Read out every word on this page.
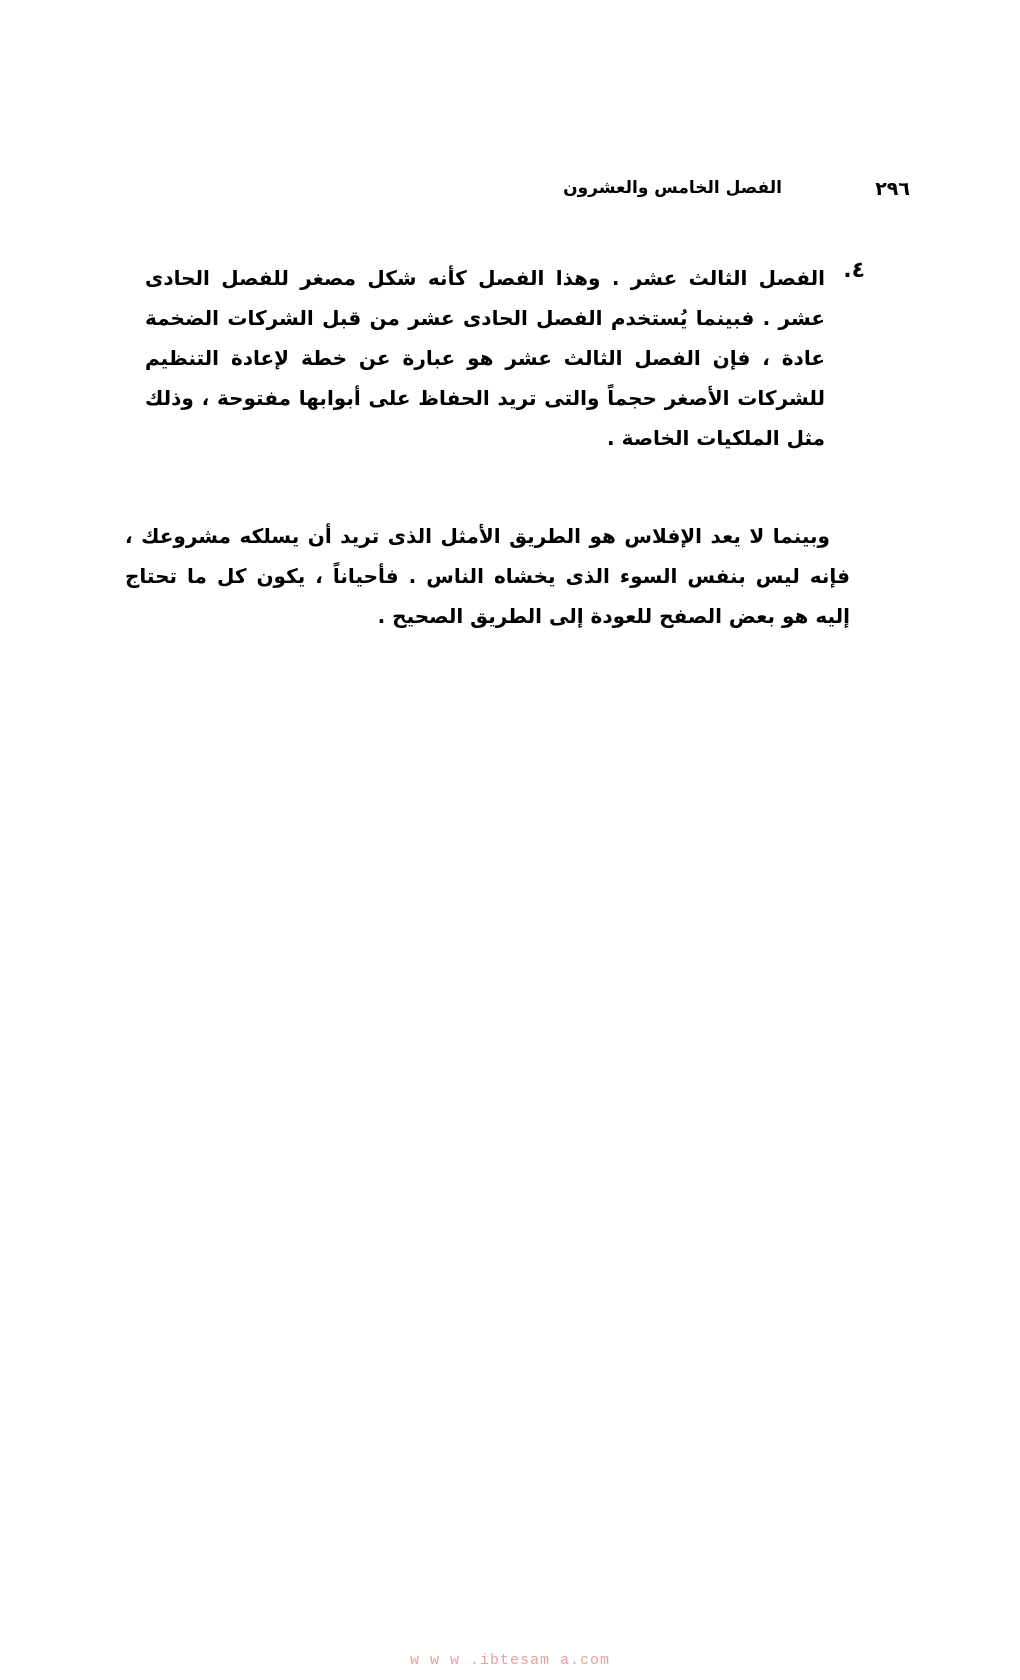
٢٩٦
الفصل الخامس والعشرون
٤.
الفصل الثالث عشر . وهذا الفصل كأنه شكل مصغر للفصل الحادى عشر . فبينما يُستخدم الفصل الحادى عشر من قبل الشركات الضخمة عادة ، فإن الفصل الثالث عشر هو عبارة عن خطة لإعادة التنظيم للشركات الأصغر حجماً والتى تريد الحفاظ على أبوابها مفتوحة ، وذلك مثل الملكيات الخاصة .
وبينما لا يعد الإفلاس هو الطريق الأمثل الذى تريد أن يسلكه مشروعك ، فإنه ليس بنفس السوء الذى يخشاه الناس . فأحياناً ، يكون كل ما تحتاج إليه هو بعض الصفح للعودة إلى الطريق الصحيح .
w w w .ibtesam a.com
